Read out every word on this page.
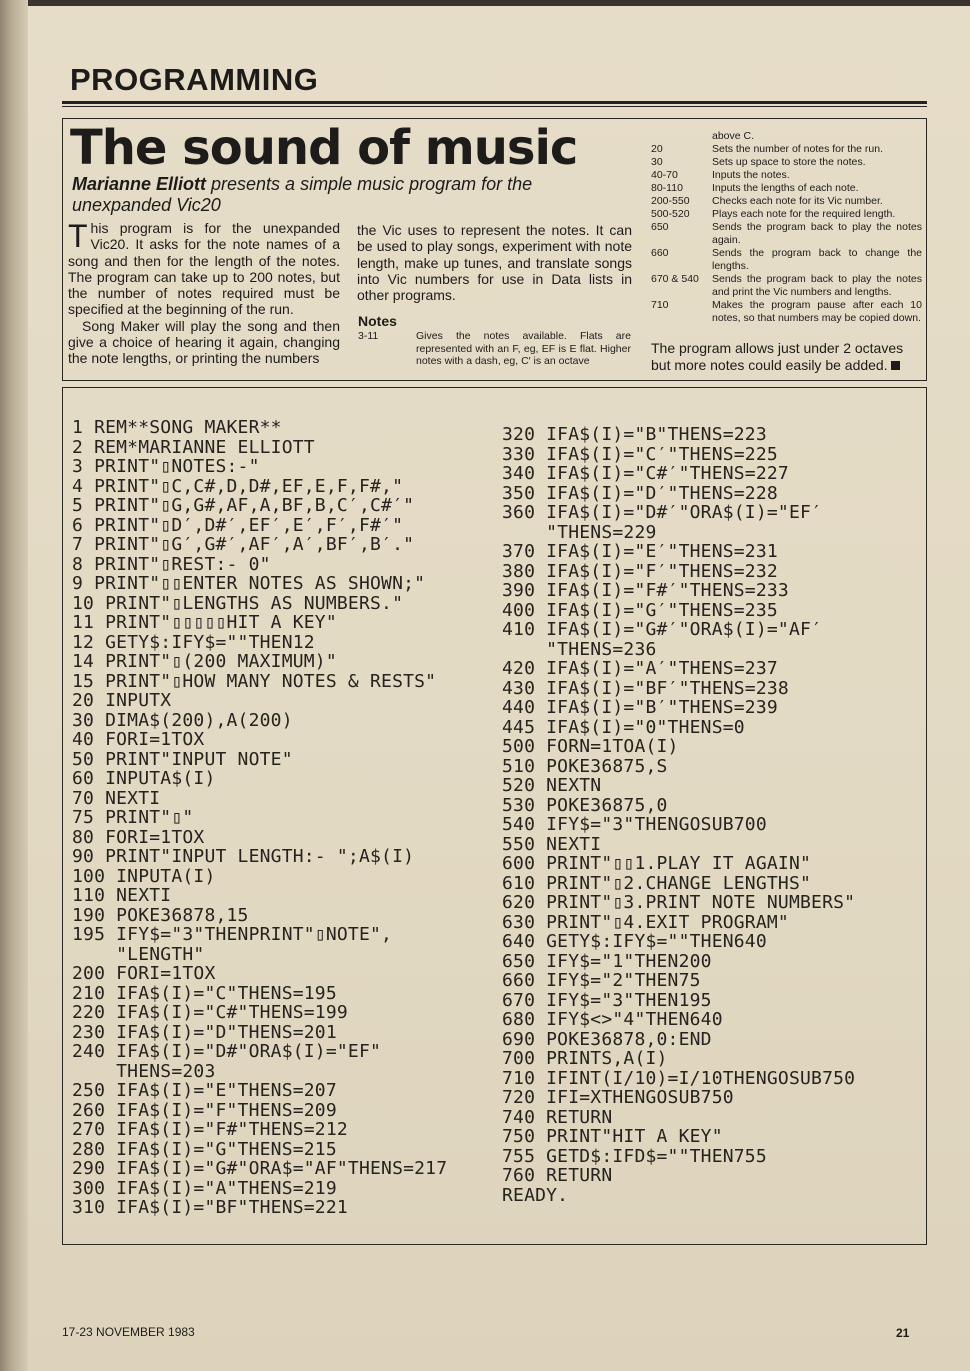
PROGRAMMING
The sound of music
Marianne Elliott presents a simple music program for the unexpanded Vic20

This program is for the unexpanded Vic20. It asks for the note names of a song and then for the length of the notes. The program can take up to 200 notes, but the number of notes required must be specified at the beginning of the run.

Song Maker will play the song and then give a choice of hearing it again, changing the note lengths, or printing the numbers

the Vic uses to represent the notes. It can be used to play songs, experiment with note length, make up tunes, and translate songs into Vic numbers for use in Data lists in other programs.
Notes
3-11	Gives the notes available. Flats are represented with an F, eg, EF is E flat. Higher notes with a dash, eg, C′ is an octave
above C.
20	Sets the number of notes for the run.
30	Sets up space to store the notes.
40-70	Inputs the notes.
80-110	Inputs the lengths of each note.
200-550	Checks each note for its Vic number.
500-520	Plays each note for the required length.
650	Sends the program back to play the notes again.
660	Sends the program back to change the lengths.
670 & 540	Sends the program back to play the notes and print the Vic numbers and lengths.
710	Makes the program pause after each 10 notes, so that numbers may be copied down.
The program allows just under 2 octaves but more notes could easily be added.
1 REM**SONG MAKER**
2 REM*MARIANNE ELLIOTT
3 PRINT"▯NOTES:-"
4 PRINT"▯C,C#,D,D#,EF,E,F,F#,"
5 PRINT"▯G,G#,AF,A,BF,B,C′,C#′"
6 PRINT"▯D′,D#′,EF′,E′,F′,F#′"
7 PRINT"▯G′,G#′,AF′,A′,BF′,B′."
8 PRINT"▯REST:- 0"
9 PRINT"▯▯ENTER NOTES AS SHOWN;"
10 PRINT"▯LENGTHS AS NUMBERS."
11 PRINT"▯▯▯▯▯HIT A KEY"
12 GETY$:IFY$=""THEN12
14 PRINT"▯(200 MAXIMUM)"
15 PRINT"▯HOW MANY NOTES & RESTS"
20 INPUTX
30 DIMA$(200),A(200)
40 FORI=1TOX
50 PRINT"INPUT NOTE"
60 INPUTA$(I)
70 NEXTI
75 PRINT"▯"
80 FORI=1TOX
90 PRINT"INPUT LENGTH:- ";A$(I)
100 INPUTA(I)
110 NEXTI
190 POKE36878,15
195 IFY$="3"THENPRINT"▯NOTE",
"LENGTH"
200 FORI=1TOX
210 IFA$(I)="C"THENS=195
220 IFA$(I)="C#"THENS=199
230 IFA$(I)="D"THENS=201
240 IFA$(I)="D#"ORA$(I)="EF"
THENS=203
250 IFA$(I)="E"THENS=207
260 IFA$(I)="F"THENS=209
270 IFA$(I)="F#"THENS=212
280 IFA$(I)="G"THENS=215
290 IFA$(I)="G#"ORA$="AF"THENS=217
300 IFA$(I)="A"THENS=219
310 IFA$(I)="BF"THENS=221
320 IFA$(I)="B"THENS=223
330 IFA$(I)="C′"THENS=225
340 IFA$(I)="C#′"THENS=227
350 IFA$(I)="D′"THENS=228
360 IFA$(I)="D#′"ORA$(I)="EF′
"THENS=229
370 IFA$(I)="E′"THENS=231
380 IFA$(I)="F′"THENS=232
390 IFA$(I)="F#′"THENS=233
400 IFA$(I)="G′"THENS=235
410 IFA$(I)="G#′"ORA$(I)="AF′
"THENS=236
420 IFA$(I)="A′"THENS=237
430 IFA$(I)="BF′"THENS=238
440 IFA$(I)="B′"THENS=239
445 IFA$(I)="0"THENS=0
500 FORN=1TOA(I)
510 POKE36875,S
520 NEXTN
530 POKE36875,0
540 IFY$="3"THENGOSUB700
550 NEXTI
600 PRINT"▯▯1.PLAY IT AGAIN"
610 PRINT"▯2.CHANGE LENGTHS"
620 PRINT"▯3.PRINT NOTE NUMBERS"
630 PRINT"▯4.EXIT PROGRAM"
640 GETY$:IFY$=""THEN640
650 IFY$="1"THEN200
660 IFY$="2"THEN75
670 IFY$="3"THEN195
680 IFY$<>"4"THEN640
690 POKE36878,0:END
700 PRINTS,A(I)
710 IFINT(I/10)=I/10THENGOSUB750
720 IFI=XTHENGOSUB750
740 RETURN
750 PRINT"HIT A KEY"
755 GETD$:IFD$=""THEN755
760 RETURN
READY.
17-23 NOVEMBER 1983	21
